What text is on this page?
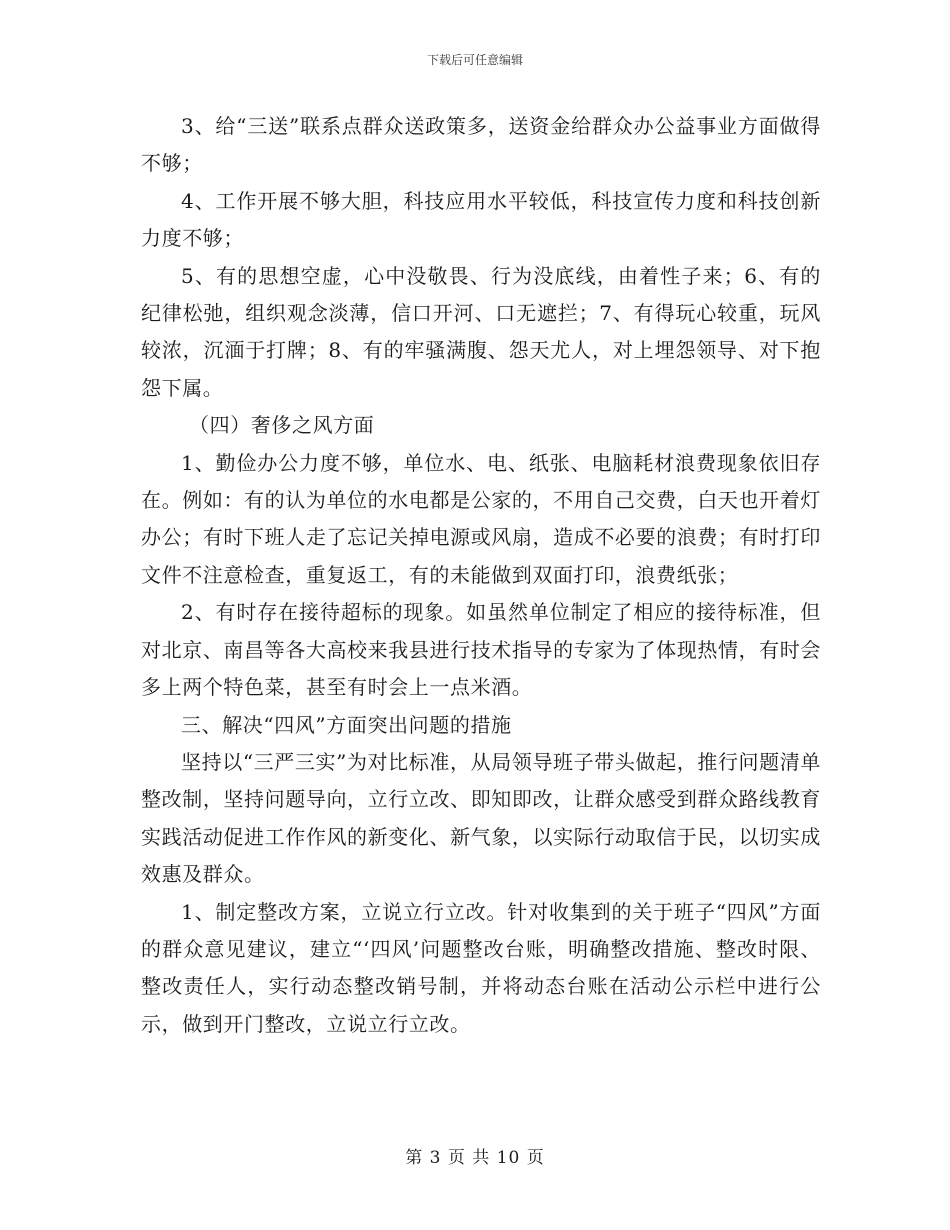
下载后可任意编辑

3、给“三送”联系点群众送政策多，送资金给群众办公益事业方面做得不够；

4、工作开展不够大胆，科技应用水平较低，科技宣传力度和科技创新力度不够；

5、有的思想空虚，心中没敬畏、行为没底线，由着性子来；6、有的纪律松弛，组织观念淡薄，信口开河、口无遮拦；7、有得玩心较重，玩风较浓，沉湎于打牌；8、有的牢骚满腹、怨天尤人，对上埋怨领导、对下抱怨下属。

（四）奢侈之风方面

1、勤俭办公力度不够，单位水、电、纸张、电脑耗材浪费现象依旧存在。例如：有的认为单位的水电都是公家的，不用自己交费，白天也开着灯办公；有时下班人走了忘记关掉电源或风扇，造成不必要的浪费；有时打印文件不注意检查，重复返工，有的未能做到双面打印，浪费纸张；

2、有时存在接待超标的现象。如虽然单位制定了相应的接待标准，但对北京、南昌等各大高校来我县进行技术指导的专家为了体现热情，有时会多上两个特色菜，甚至有时会上一点米酒。

三、解决“四风”方面突出问题的措施

坚持以“三严三实”为对比标准，从局领导班子带头做起，推行问题清单整改制，坚持问题导向，立行立改、即知即改，让群众感受到群众路线教育实践活动促进工作作风的新变化、新气象，以实际行动取信于民，以切实成效惠及群众。

1、制定整改方案，立说立行立改。针对收集到的关于班子“四风”方面的群众意见建议，建立“‘四风’问题整改台账，明确整改措施、整改时限、整改责任人，实行动态整改销号制，并将动态台账在活动公示栏中进行公示，做到开门整改，立说立行立改。

第 3 页 共 10 页
